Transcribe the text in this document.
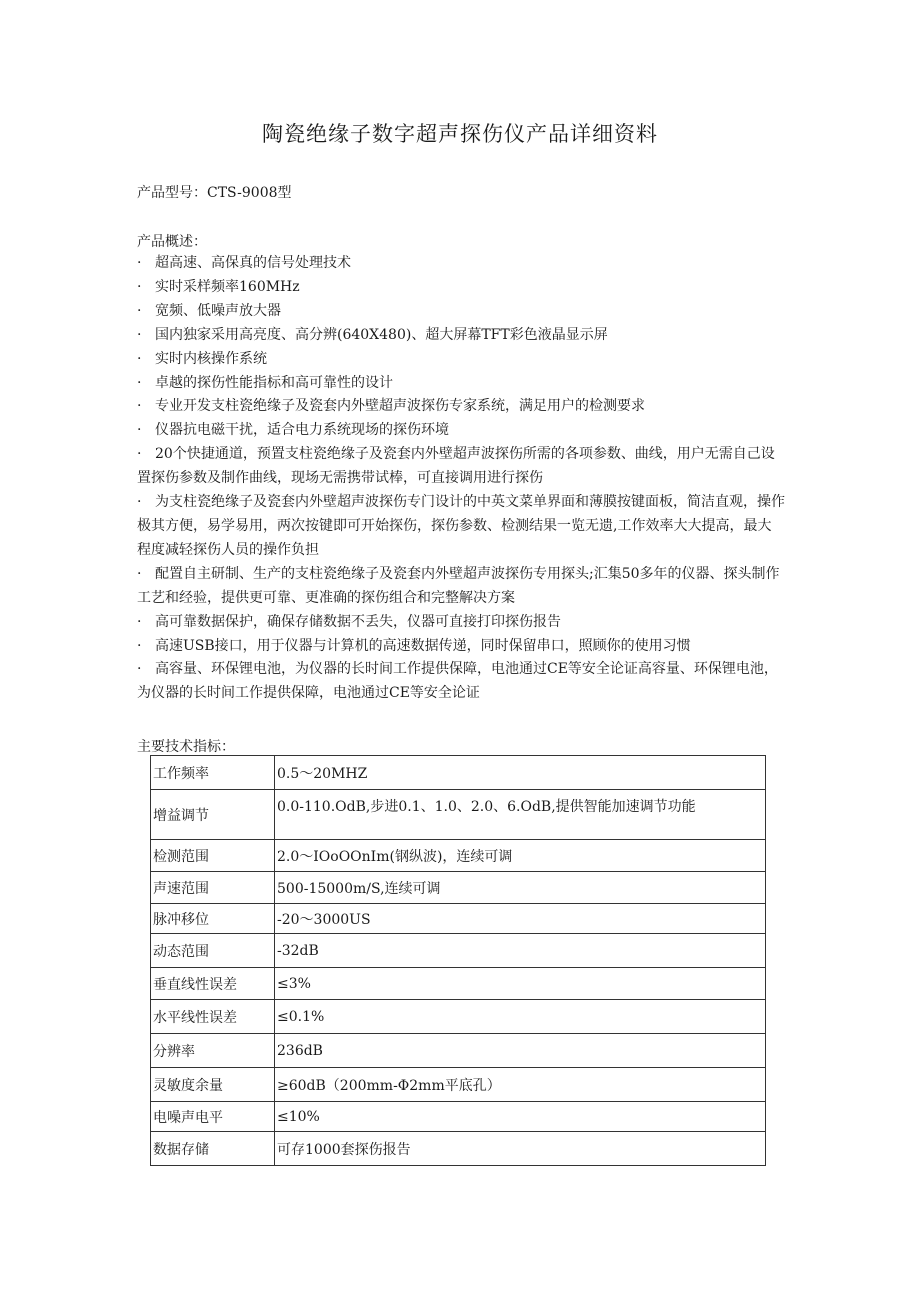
陶瓷绝缘子数字超声探伤仪产品详细资料
产品型号：CTS-9008型
产品概述：

· 超高速、高保真的信号处理技术

· 实时采样频率160MHz

· 宽频、低噪声放大器

· 国内独家采用高亮度、高分辨(640X480)、超大屏幕TFT彩色液晶显示屏

· 实时内核操作系统

· 卓越的探伤性能指标和高可靠性的设计

· 专业开发支柱瓷绝缘子及瓷套内外壁超声波探伤专家系统，满足用户的检测要求

· 仪器抗电磁干扰，适合电力系统现场的探伤环境

· 20个快捷通道，预置支柱瓷绝缘子及瓷套内外壁超声波探伤所需的各项参数、曲线，用户无需自己设置探伤参数及制作曲线，现场无需携带试棒，可直接调用进行探伤

· 为支柱瓷绝缘子及瓷套内外壁超声波探伤专门设计的中英文菜单界面和薄膜按键面板，简洁直观，操作极其方便，易学易用，两次按键即可开始探伤，探伤参数、检测结果一览无遗,工作效率大大提高，最大程度减轻探伤人员的操作负担

· 配置自主研制、生产的支柱瓷绝缘子及瓷套内外壁超声波探伤专用探头;汇集50多年的仪器、探头制作工艺和经验，提供更可靠、更准确的探伤组合和完整解决方案

· 高可靠数据保护，确保存储数据不丢失，仪器可直接打印探伤报告

· 高速USB接口，用于仪器与计算机的高速数据传递，同时保留串口，照顾你的使用习惯

· 高容量、环保锂电池，为仪器的长时间工作提供保障，电池通过CE等安全论证高容量、环保锂电池，为仪器的长时间工作提供保障，电池通过CE等安全论证

主要技术指标：
工作频率	0.5～20MHZ
增益调节	0.0-110.OdB,步进0.1、1.0、2.0、6.OdB,提供智能加速调节功能
检测范围	2.0～IOoOOnIm(钢纵波)，连续可调
声速范围	500-15000m∕S,连续可调
脉冲移位	-20～3000US
动态范围	-32dB
垂直线性误差	≤3%
水平线性误差	≤0.1%
分辨率	236dB
灵敏度余量	≥60dB（200mm-Φ2mm平底孔）
电噪声电平	≤10%
数据存储	可存1000套探伤报告
